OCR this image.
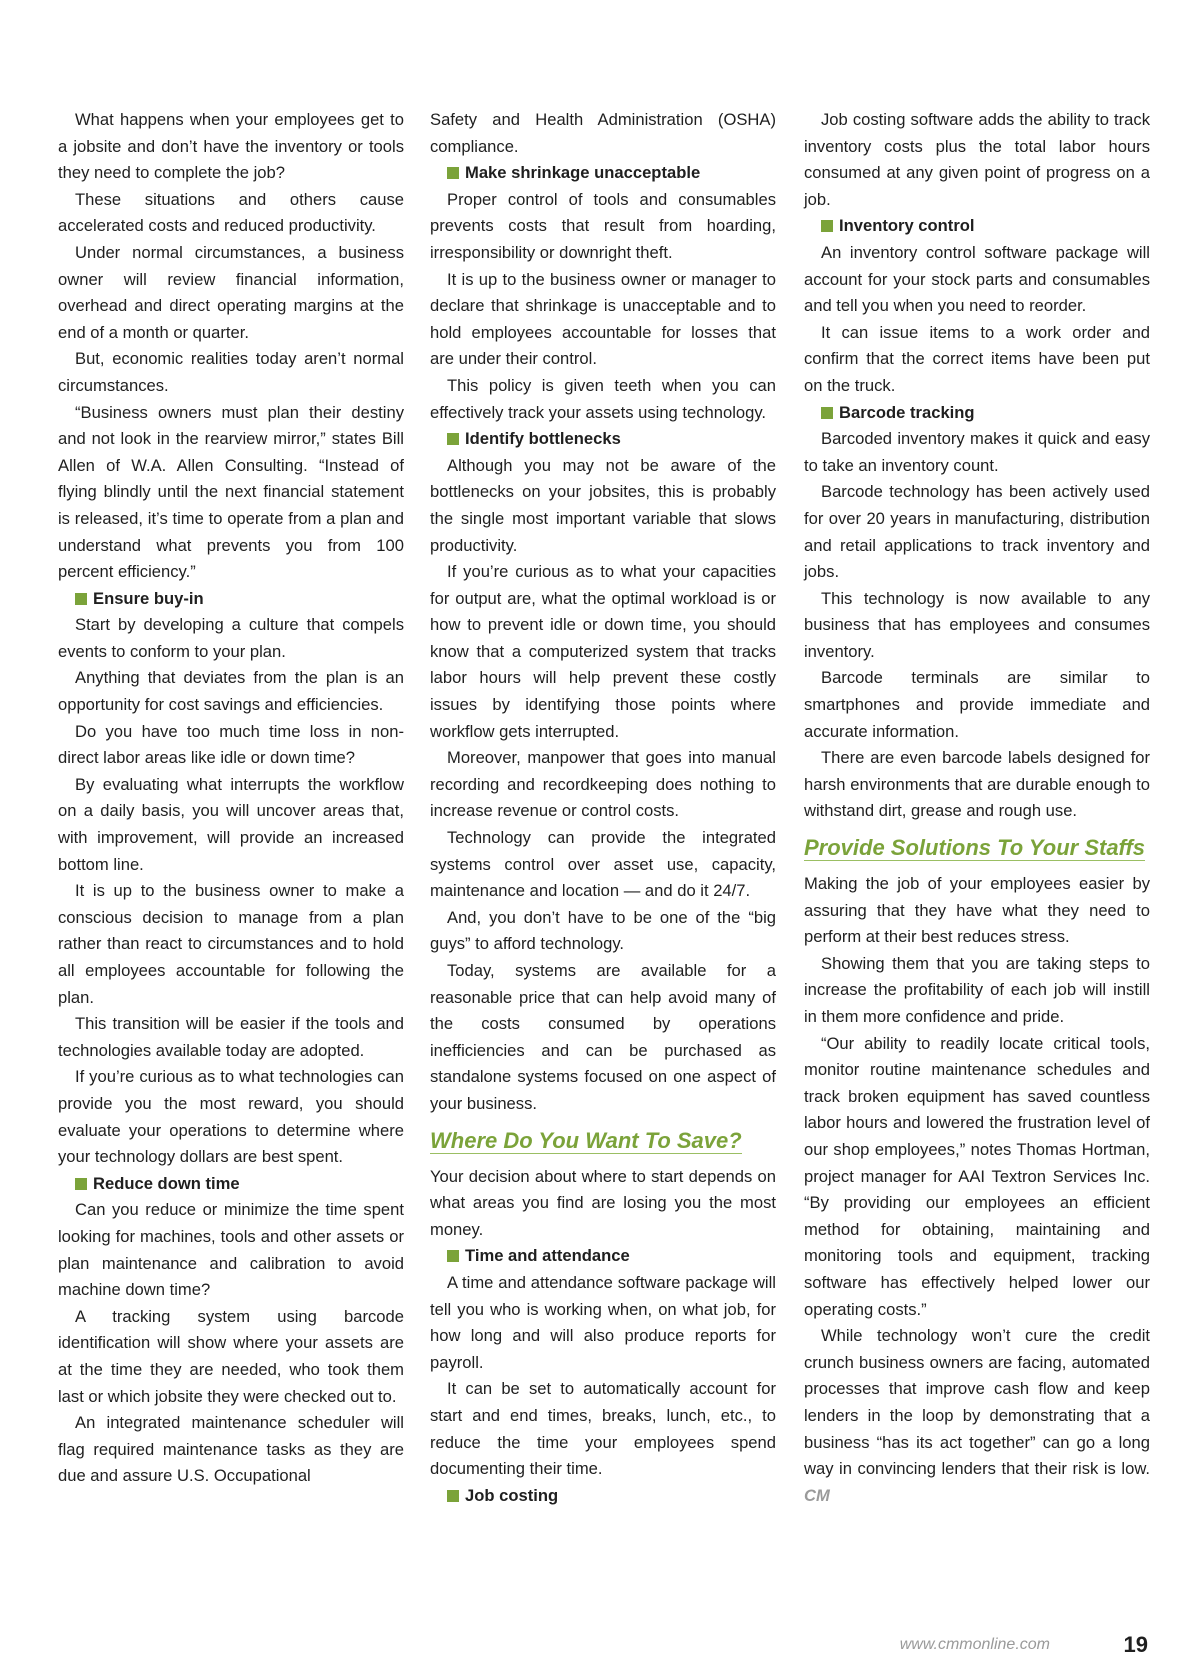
What happens when your employees get to a jobsite and don’t have the inventory or tools they need to complete the job?

These situations and others cause accelerated costs and reduced productivity.

Under normal circumstances, a business owner will review financial information, overhead and direct operating margins at the end of a month or quarter.

But, economic realities today aren’t normal circumstances.

“Business owners must plan their destiny and not look in the rearview mirror,” states Bill Allen of W.A. Allen Consulting. “Instead of flying blindly until the next financial statement is released, it’s time to operate from a plan and understand what prevents you from 100 percent efficiency.”

Ensure buy-in

Start by developing a culture that compels events to conform to your plan.

Anything that deviates from the plan is an opportunity for cost savings and efficiencies.

Do you have too much time loss in non-direct labor areas like idle or down time?

By evaluating what interrupts the workflow on a daily basis, you will uncover areas that, with improvement, will provide an increased bottom line.

It is up to the business owner to make a conscious decision to manage from a plan rather than react to circumstances and to hold all employees accountable for following the plan.

This transition will be easier if the tools and technologies available today are adopted.

If you’re curious as to what technologies can provide you the most reward, you should evaluate your operations to determine where your technology dollars are best spent.

Reduce down time

Can you reduce or minimize the time spent looking for machines, tools and other assets or plan maintenance and calibration to avoid machine down time?

A tracking system using barcode identification will show where your assets are at the time they are needed, who took them last or which jobsite they were checked out to.

An integrated maintenance scheduler will flag required maintenance tasks as they are due and assure U.S. Occupational

Safety and Health Administration (OSHA) compliance.

Make shrinkage unacceptable

Proper control of tools and consumables prevents costs that result from hoarding, irresponsibility or downright theft.

It is up to the business owner or manager to declare that shrinkage is unacceptable and to hold employees accountable for losses that are under their control.

This policy is given teeth when you can effectively track your assets using technology.

Identify bottlenecks

Although you may not be aware of the bottlenecks on your jobsites, this is probably the single most important variable that slows productivity.

If you’re curious as to what your capacities for output are, what the optimal workload is or how to prevent idle or down time, you should know that a computerized system that tracks labor hours will help prevent these costly issues by identifying those points where workflow gets interrupted.

Moreover, manpower that goes into manual recording and recordkeeping does nothing to increase revenue or control costs.

Technology can provide the integrated systems control over asset use, capacity, maintenance and location — and do it 24/7.

And, you don’t have to be one of the “big guys” to afford technology.

Today, systems are available for a reasonable price that can help avoid many of the costs consumed by operations inefficiencies and can be purchased as standalone systems focused on one aspect of your business.

Where Do You Want To Save?

Your decision about where to start depends on what areas you find are losing you the most money.

Time and attendance

A time and attendance software package will tell you who is working when, on what job, for how long and will also produce reports for payroll.

It can be set to automatically account for start and end times, breaks, lunch, etc., to reduce the time your employees spend documenting their time.

Job costing

Job costing software adds the ability to track inventory costs plus the total labor hours consumed at any given point of progress on a job.

Inventory control

An inventory control software package will account for your stock parts and consumables and tell you when you need to reorder.

It can issue items to a work order and confirm that the correct items have been put on the truck.

Barcode tracking

Barcoded inventory makes it quick and easy to take an inventory count.

Barcode technology has been actively used for over 20 years in manufacturing, distribution and retail applications to track inventory and jobs.

This technology is now available to any business that has employees and consumes inventory.

Barcode terminals are similar to smartphones and provide immediate and accurate information.

There are even barcode labels designed for harsh environments that are durable enough to withstand dirt, grease and rough use.

Provide Solutions To Your Staffs

Making the job of your employees easier by assuring that they have what they need to perform at their best reduces stress.

Showing them that you are taking steps to increase the profitability of each job will instill in them more confidence and pride.

“Our ability to readily locate critical tools, monitor routine maintenance schedules and track broken equipment has saved countless labor hours and lowered the frustration level of our shop employees,” notes Thomas Hortman, project manager for AAI Textron Services Inc. “By providing our employees an efficient method for obtaining, maintaining and monitoring tools and equipment, tracking software has effectively helped lower our operating costs.”

While technology won’t cure the credit crunch business owners are facing, automated processes that improve cash flow and keep lenders in the loop by demonstrating that a business “has its act together” can go a long way in convincing lenders that their risk is low. CM

www.cmmonline.com	19
